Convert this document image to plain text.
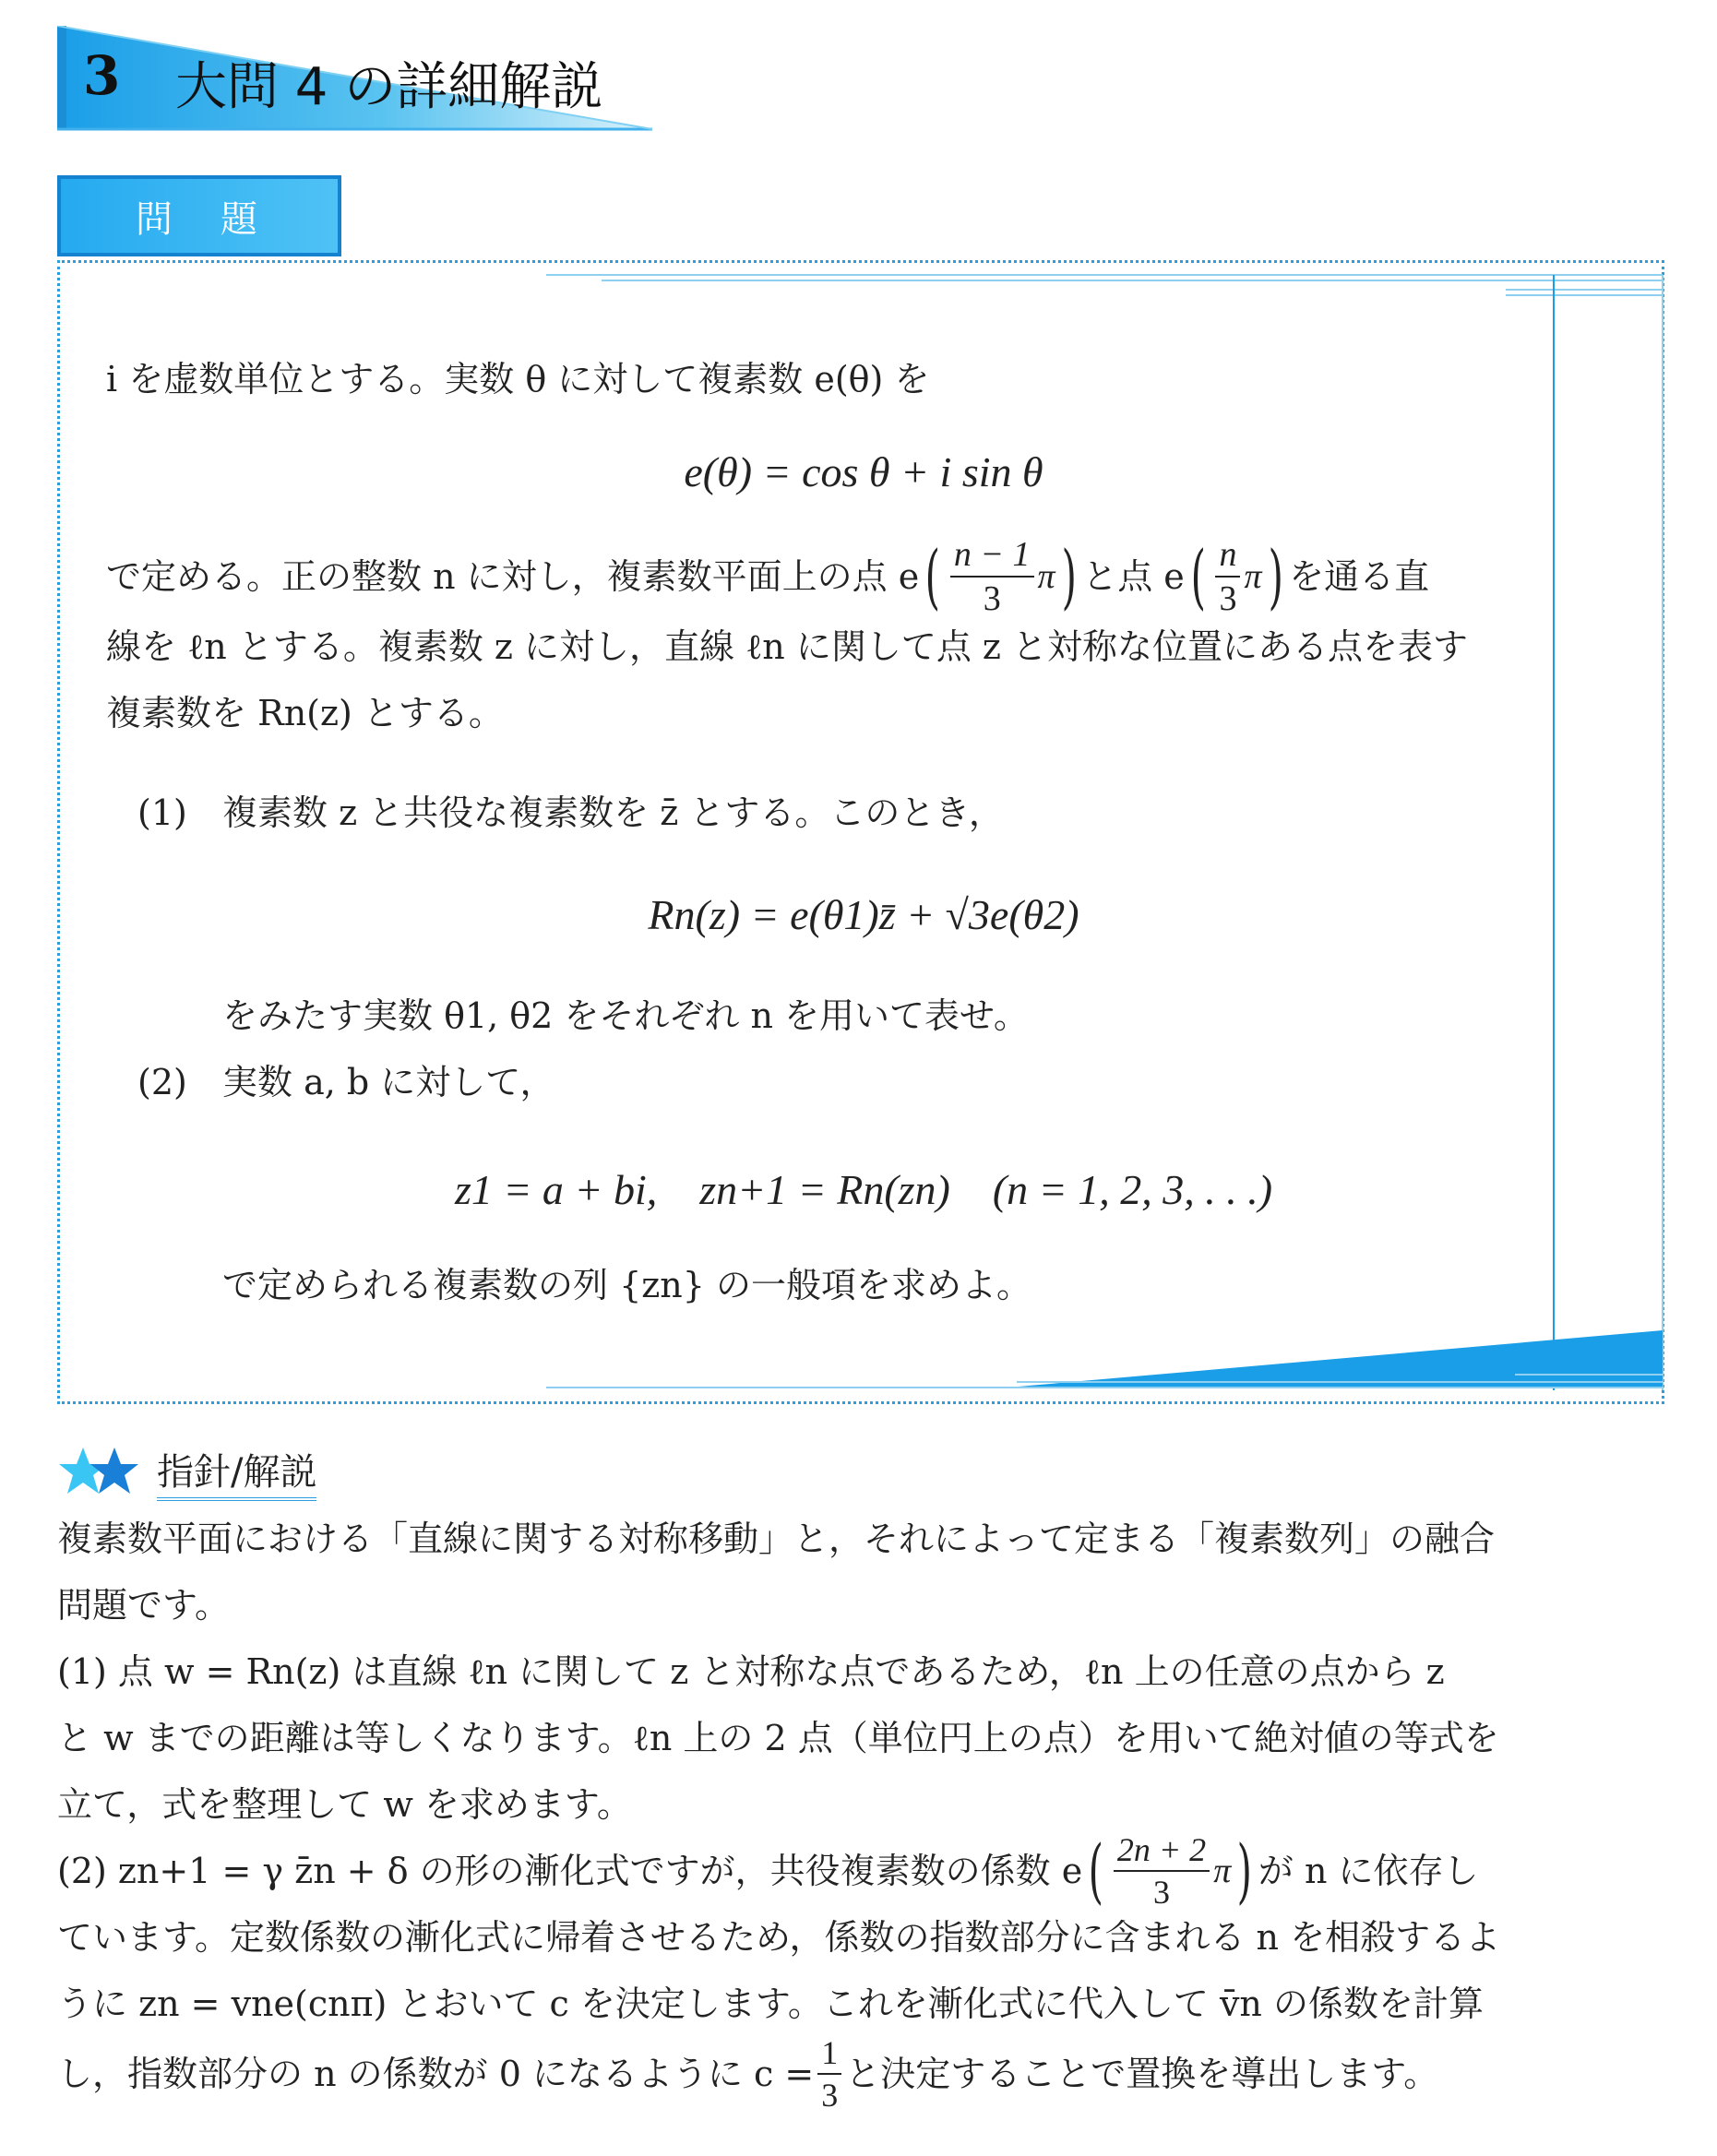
3 大問 4 の詳細解説
問　題
i を虚数単位とする。実数 θ に対して複素数 e(θ) を
e(θ) = cos θ + i sin θ
で定める。正の整数 n に対し，複素数平面上の点 e ( $\frac{n - 1}{3}$ π ) と点 e ( $\frac{n}{3}$ π ) を通る直
線を ℓn とする。複素数 z に対し，直線 ℓn に関して点 z と対称な位置にある点を表す
複素数を Rn(z) とする。
(1) 複素数 z と共役な複素数を z̄ とする。このとき，
Rn(z) = e(θ1)z̄ + √3e(θ2)
をみたす実数 θ1, θ2 をそれぞれ n を用いて表せ。
(2) 実数 a, b に対して，
z1 = a + bi,　zn+1 = Rn(zn)　(n = 1, 2, 3, . . .)
で定められる複素数の列 {zn} の一般項を求めよ。
指針/解説
複素数平面における「直線に関する対称移動」と，それによって定まる「複素数列」の融合
問題です。
(1) 点 w = Rn(z) は直線 ℓn に関して z と対称な点であるため，ℓn 上の任意の点から z
と w までの距離は等しくなります。ℓn 上の 2 点（単位円上の点）を用いて絶対値の等式を
立て，式を整理して w を求めます。
(2) zn+1 = γ z̄n + δ の形の漸化式ですが，共役複素数の係数 e ( $\frac{2n + 2}{3}$ π ) が n に依存し
ています。定数係数の漸化式に帰着させるため，係数の指数部分に含まれる n を相殺するよ
うに zn = vne(cnπ) とおいて c を決定します。これを漸化式に代入して v̄n の係数を計算
し，指数部分の n の係数が 0 になるように $c = \frac{1}{3}$ と決定することで置換を導出します。
